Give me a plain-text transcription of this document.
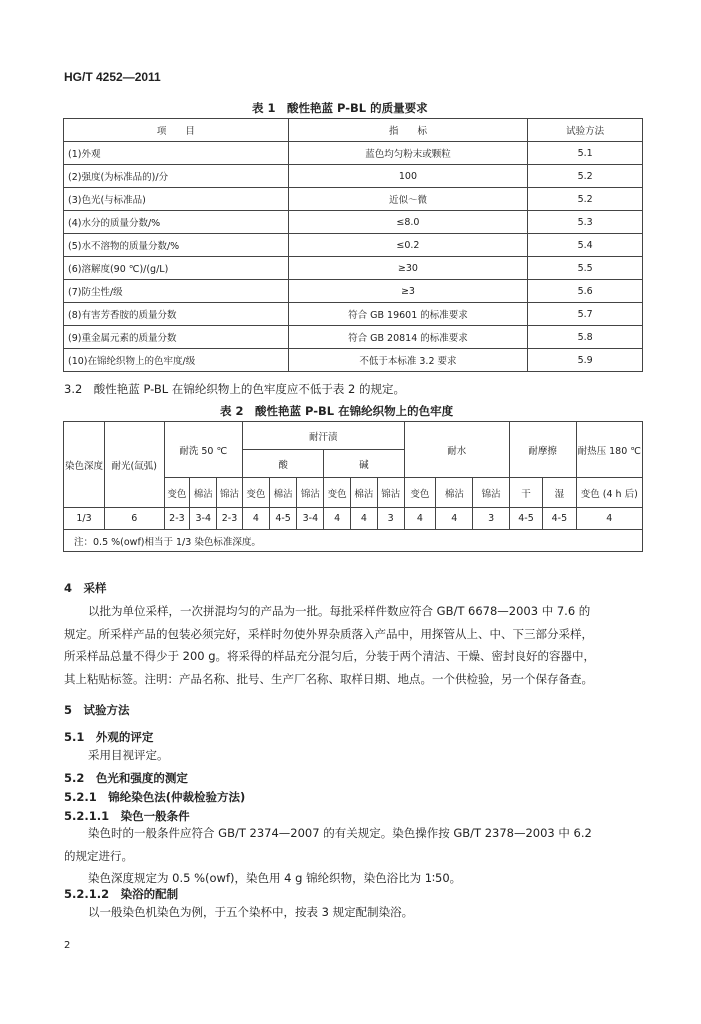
HG/T 4252—2011
表 1　酸性艳蓝 P-BL 的质量要求
项　　目	指　　标	试验方法
(1)外观	蓝色均匀粉末或颗粒	5.1
(2)强度(为标准品的)/分	100	5.2
(3)色光(与标准品)	近似～微	5.2
(4)水分的质量分数/%	≤8.0	5.3
(5)水不溶物的质量分数/%	≤0.2	5.4
(6)溶解度(90 ℃)/(g/L)	≥30	5.5
(7)防尘性/级	≥3	5.6
(8)有害芳香胺的质量分数	符合 GB 19601 的标准要求	5.7
(9)重金属元素的质量分数	符合 GB 20814 的标准要求	5.8
(10)在锦纶织物上的色牢度/级	不低于本标准 3.2 要求	5.9
3.2　酸性艳蓝 P-BL 在锦纶织物上的色牢度应不低于表 2 的规定。
表 2　酸性艳蓝 P-BL 在锦纶织物上的色牢度
染色深度	耐光(氙弧)	耐洗 50 ℃			耐汗渍						耐水			耐摩擦		耐热压 180 ℃
					酸			碱								
		变色	棉沾	锦沾	变色	棉沾	锦沾	变色	棉沾	锦沾	变色	棉沾	锦沾	干	湿	变色 (4 h 后)
1/3	6	2-3	3-4	2-3	4	4-5	3-4	4	4	3	4	4	3	4-5	4-5	4
注：0.5 %(owf)相当于 1/3 染色标准深度。																
4　采样
以批为单位采样，一次拼混均匀的产品为一批。每批采样件数应符合 GB/T 6678—2003 中 7.6 的
规定。所采样产品的包装必须完好，采样时勿使外界杂质落入产品中，用探管从上、中、下三部分采样，
所采样品总量不得少于 200 g。将采得的样品充分混匀后，分装于两个清洁、干燥、密封良好的容器中，
其上粘贴标签。注明：产品名称、批号、生产厂名称、取样日期、地点。一个供检验，另一个保存备查。
5　试验方法
5.1　外观的评定
采用目视评定。
5.2　色光和强度的测定
5.2.1　锦纶染色法(仲裁检验方法)
5.2.1.1　染色一般条件
染色时的一般条件应符合 GB/T 2374—2007 的有关规定。染色操作按 GB/T 2378—2003 中 6.2
的规定进行。
染色深度规定为 0.5 %(owf)，染色用 4 g 锦纶织物，染色浴比为 1∶50。
5.2.1.2　染浴的配制
以一般染色机染色为例，于五个染杯中，按表 3 规定配制染浴。
2
